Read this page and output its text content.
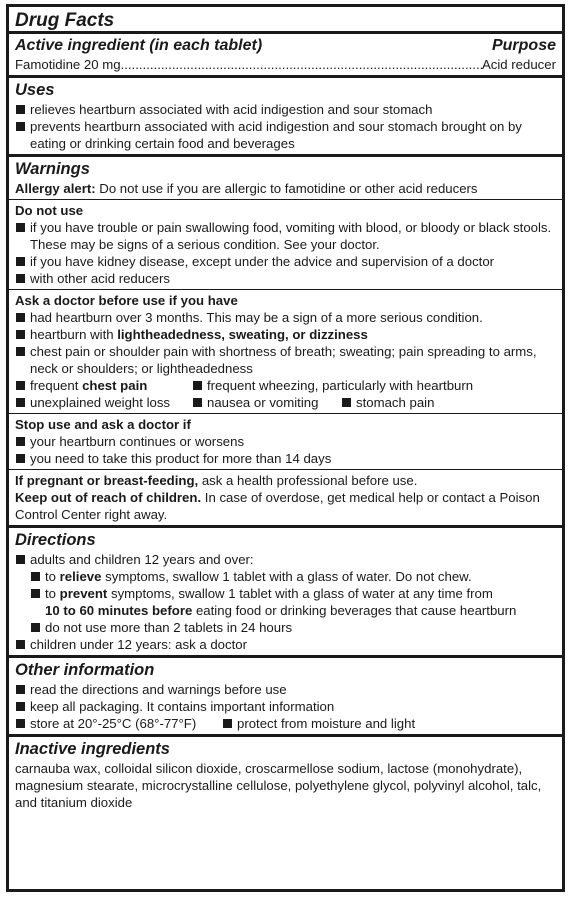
Drug Facts
Active ingredient (in each tablet)	Purpose
Famotidine 20 mg
.....	Acid reducer
Uses
relieves heartburn associated with acid indigestion and sour stomach
prevents heartburn associated with acid indigestion and sour stomach brought on by eating or drinking certain food and beverages
Warnings
Allergy alert: Do not use if you are allergic to famotidine or other acid reducers
Do not use
if you have trouble or pain swallowing food, vomiting with blood, or bloody or black stools. These may be signs of a serious condition. See your doctor.
if you have kidney disease, except under the advice and supervision of a doctor
with other acid reducers
Ask a doctor before use if you have
had heartburn over 3 months. This may be a sign of a more serious condition.
heartburn with lightheadedness, sweating, or dizziness
chest pain or shoulder pain with shortness of breath; sweating; pain spreading to arms, neck or shoulders; or lightheadedness
frequent chest pain	frequent wheezing, particularly with heartburn
unexplained weight loss	nausea or vomiting	stomach pain
Stop use and ask a doctor if
your heartburn continues or worsens
you need to take this product for more than 14 days
If pregnant or breast-feeding, ask a health professional before use.
Keep out of reach of children. In case of overdose, get medical help or contact a Poison Control Center right away.
Directions
adults and children 12 years and over:
to relieve symptoms, swallow 1 tablet with a glass of water. Do not chew.
to prevent symptoms, swallow 1 tablet with a glass of water at any time from
10 to 60 minutes before eating food or drinking beverages that cause heartburn
do not use more than 2 tablets in 24 hours
children under 12 years: ask a doctor
Other information
read the directions and warnings before use
keep all packaging. It contains important information
store at 20°-25°C (68°-77°F)	protect from moisture and light
Inactive ingredients
carnauba wax, colloidal silicon dioxide, croscarmellose sodium, lactose (monohydrate), magnesium stearate, microcrystalline cellulose, polyethylene glycol, polyvinyl alcohol, talc, and titanium dioxide
